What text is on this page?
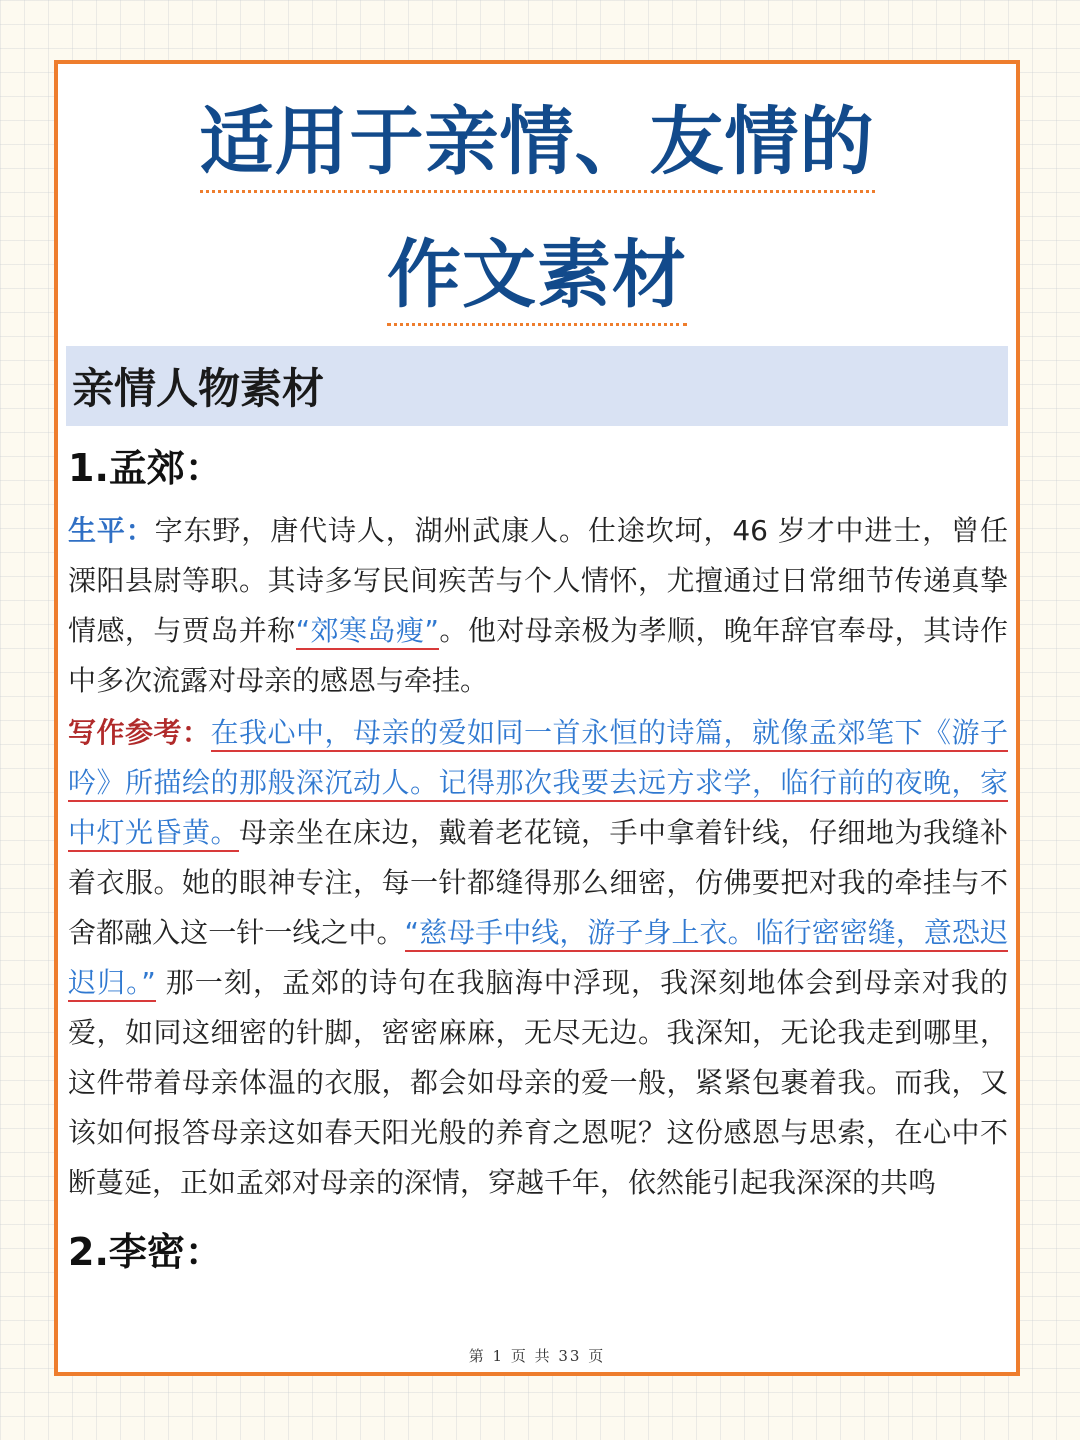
适用于亲情、友情的
作文素材
亲情人物素材
1.孟郊：
生平：字东野，唐代诗人，湖州武康人。仕途坎坷，46 岁才中进士，曾任溧阳县尉等职。其诗多写民间疾苦与个人情怀，尤擅通过日常细节传递真挚情感，与贾岛并称“郊寒岛瘦”。他对母亲极为孝顺，晚年辞官奉母，其诗作中多次流露对母亲的感恩与牵挂。
写作参考：在我心中，母亲的爱如同一首永恒的诗篇，就像孟郊笔下《游子吟》所描绘的那般深沉动人。记得那次我要去远方求学，临行前的夜晚，家中灯光昏黄。母亲坐在床边，戴着老花镜，手中拿着针线，仔细地为我缝补着衣服。她的眼神专注，每一针都缝得那么细密，仿佛要把对我的牵挂与不舍都融入这一针一线之中。“慈母手中线，游子身上衣。临行密密缝，意恐迟迟归。” 那一刻，孟郊的诗句在我脑海中浮现，我深刻地体会到母亲对我的爱，如同这细密的针脚，密密麻麻，无尽无边。我深知，无论我走到哪里，这件带着母亲体温的衣服，都会如母亲的爱一般，紧紧包裹着我。而我，又该如何报答母亲这如春天阳光般的养育之恩呢？这份感恩与思索，在心中不断蔓延，正如孟郊对母亲的深情，穿越千年，依然能引起我深深的共鸣
2.李密：
第 1 页 共 33 页
